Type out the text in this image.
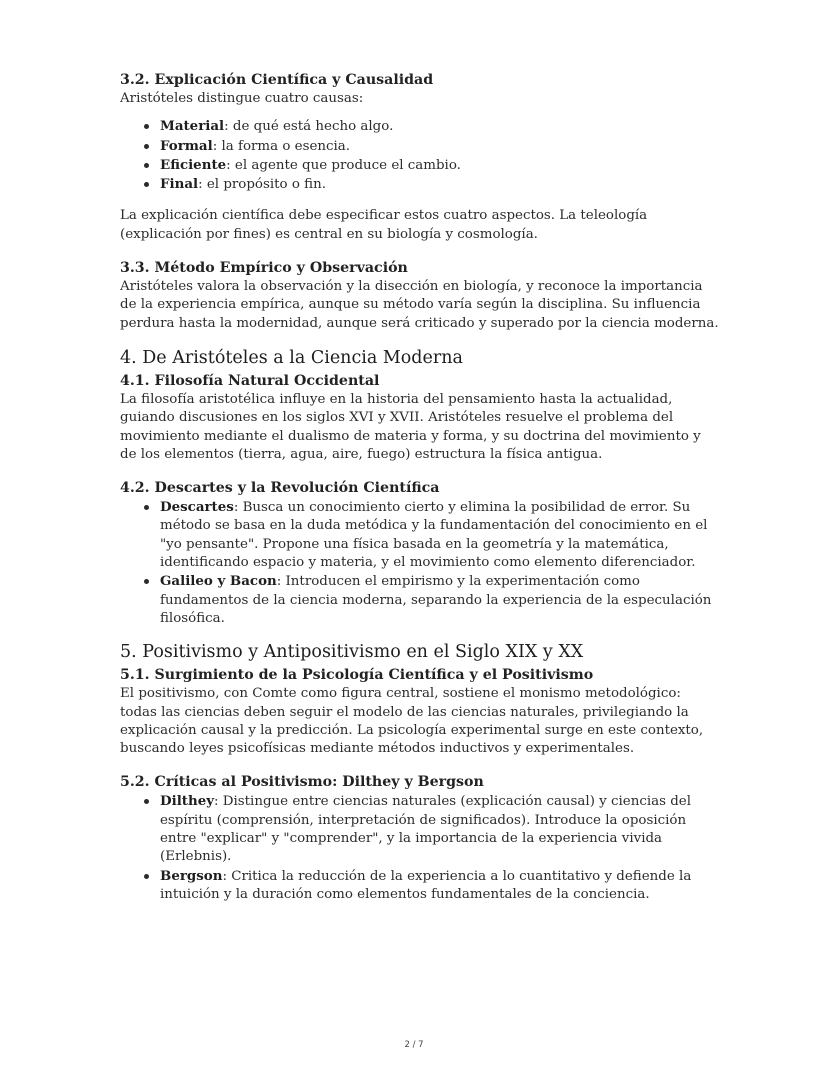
3.2. Explicación Científica y Causalidad

Aristóteles distingue cuatro causas:

Material: de qué está hecho algo.
Formal: la forma o esencia.
Eficiente: el agente que produce el cambio.
Final: el propósito o fin.

La explicación científica debe especificar estos cuatro aspectos. La teleología (explicación por fines) es central en su biología y cosmología.

3.3. Método Empírico y Observación

Aristóteles valora la observación y la disección en biología, y reconoce la importancia de la experiencia empírica, aunque su método varía según la disciplina. Su influencia perdura hasta la modernidad, aunque será criticado y superado por la ciencia moderna.

4. De Aristóteles a la Ciencia Moderna
4.1. Filosofía Natural Occidental

La filosofía aristotélica influye en la historia del pensamiento hasta la actualidad, guiando discusiones en los siglos XVI y XVII. Aristóteles resuelve el problema del movimiento mediante el dualismo de materia y forma, y su doctrina del movimiento y de los elementos (tierra, agua, aire, fuego) estructura la física antigua.

4.2. Descartes y la Revolución Científica
Descartes: Busca un conocimiento cierto y elimina la posibilidad de error. Su método se basa en la duda metódica y la fundamentación del conocimiento en el "yo pensante". Propone una física basada en la geometría y la matemática, identificando espacio y materia, y el movimiento como elemento diferenciador.
Galileo y Bacon: Introducen el empirismo y la experimentación como fundamentos de la ciencia moderna, separando la experiencia de la especulación filosófica.
5. Positivismo y Antipositivismo en el Siglo XIX y XX
5.1. Surgimiento de la Psicología Científica y el Positivismo

El positivismo, con Comte como figura central, sostiene el monismo metodológico: todas las ciencias deben seguir el modelo de las ciencias naturales, privilegiando la explicación causal y la predicción. La psicología experimental surge en este contexto, buscando leyes psicofísicas mediante métodos inductivos y experimentales.

5.2. Críticas al Positivismo: Dilthey y Bergson
Dilthey: Distingue entre ciencias naturales (explicación causal) y ciencias del espíritu (comprensión, interpretación de significados). Introduce la oposición entre "explicar" y "comprender", y la importancia de la experiencia vivida (Erlebnis).
Bergson: Critica la reducción de la experiencia a lo cuantitativo y defiende la intuición y la duración como elementos fundamentales de la conciencia.
2 / 7
